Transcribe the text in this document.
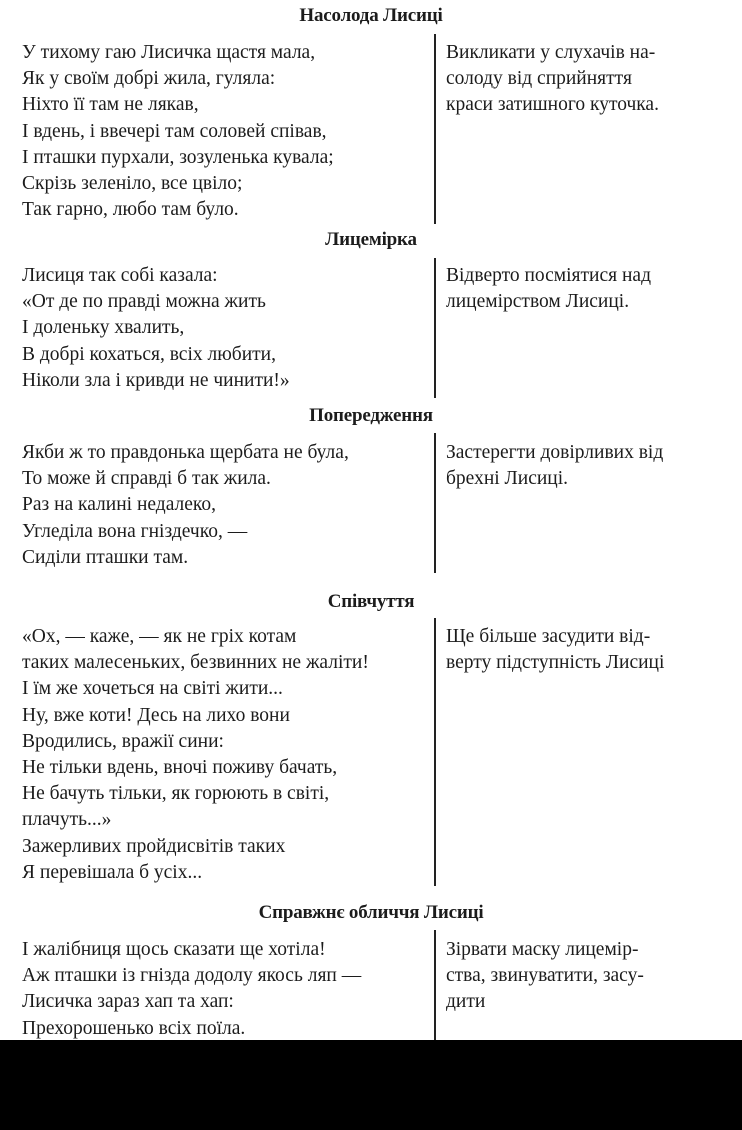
Насолода Лисиці
У тихому гаю Лисичка щастя мала,
Як у своїм добрі жила, гуляла:
Ніхто її там не лякав,
І вдень, і ввечері там соловей співав,
І пташки пурхали, зозуленька кувала;
Скрізь зеленіло, все цвіло;
Так гарно, любо там було.
Викликати у слухачів на-
солоду від сприйняття
краси затишного куточка.
Лицемірка
Лисиця так собі казала:
«От де по правді можна жить
І доленьку хвалить,
В добрі кохаться, всіх любити,
Ніколи зла і кривди не чинити!»
Відверто посміятися над
лицемірством Лисиці.
Попередження
Якби ж то правдонька щербата не була,
То може й справді б так жила.
Раз на калині недалеко,
Угледіла вона гніздечко, —
Сиділи пташки там.
Застерегти довірливих від
брехні Лисиці.
Співчуття
«Ох, — каже, — як не гріх котам
таких малесеньких, безвинних не жаліти!
І їм же хочеться на світі жити...
Ну, вже коти! Десь на лихо вони
Вродились, вражії сини:
Не тільки вдень, вночі поживу бачать,
Не бачуть тільки, як горюють в світі,
плачуть...»
Зажерливих пройдисвітів таких
Я перевішала б усіх...
Ще більше засудити від-
верту підступність Лисиці
Справжнє обличчя Лисиці
І жалібниця щось сказати ще хотіла!
Аж пташки із гнізда додолу якось ляп —
Лисичка зараз хап та хап:
Прехорошенько всіх поїла.
Зірвати маску лицемір-
ства, звинуватити, засу-
дити
